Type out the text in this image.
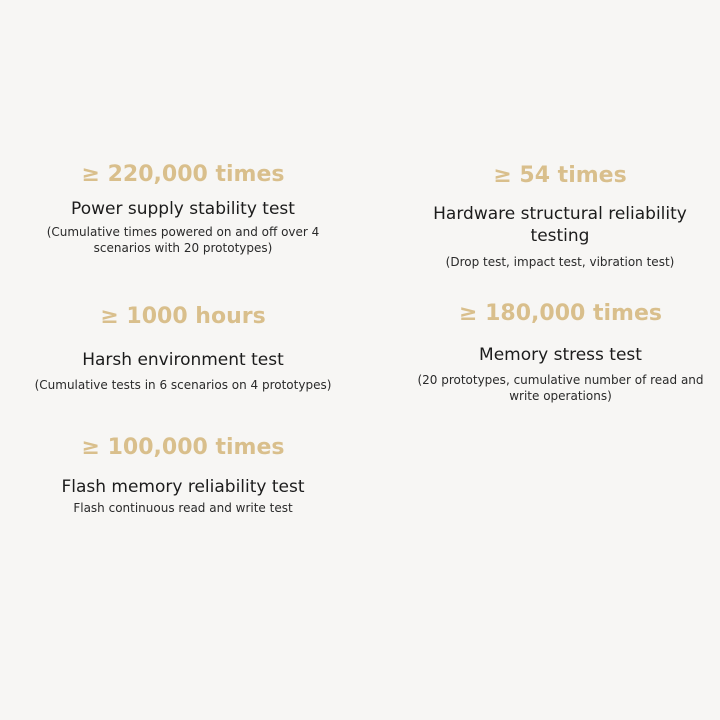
≥ 220,000 times

Power supply stability test

(Cumulative times powered on and off over 4 scenarios with 20 prototypes)

≥ 54 times

Hardware structural reliability testing

(Drop test, impact test, vibration test)

≥ 1000 hours

Harsh environment test

(Cumulative tests in 6 scenarios on 4 prototypes)

≥ 180,000 times

Memory stress test

(20 prototypes, cumulative number of read and write operations)

≥ 100,000 times

Flash memory reliability test

Flash continuous read and write test
